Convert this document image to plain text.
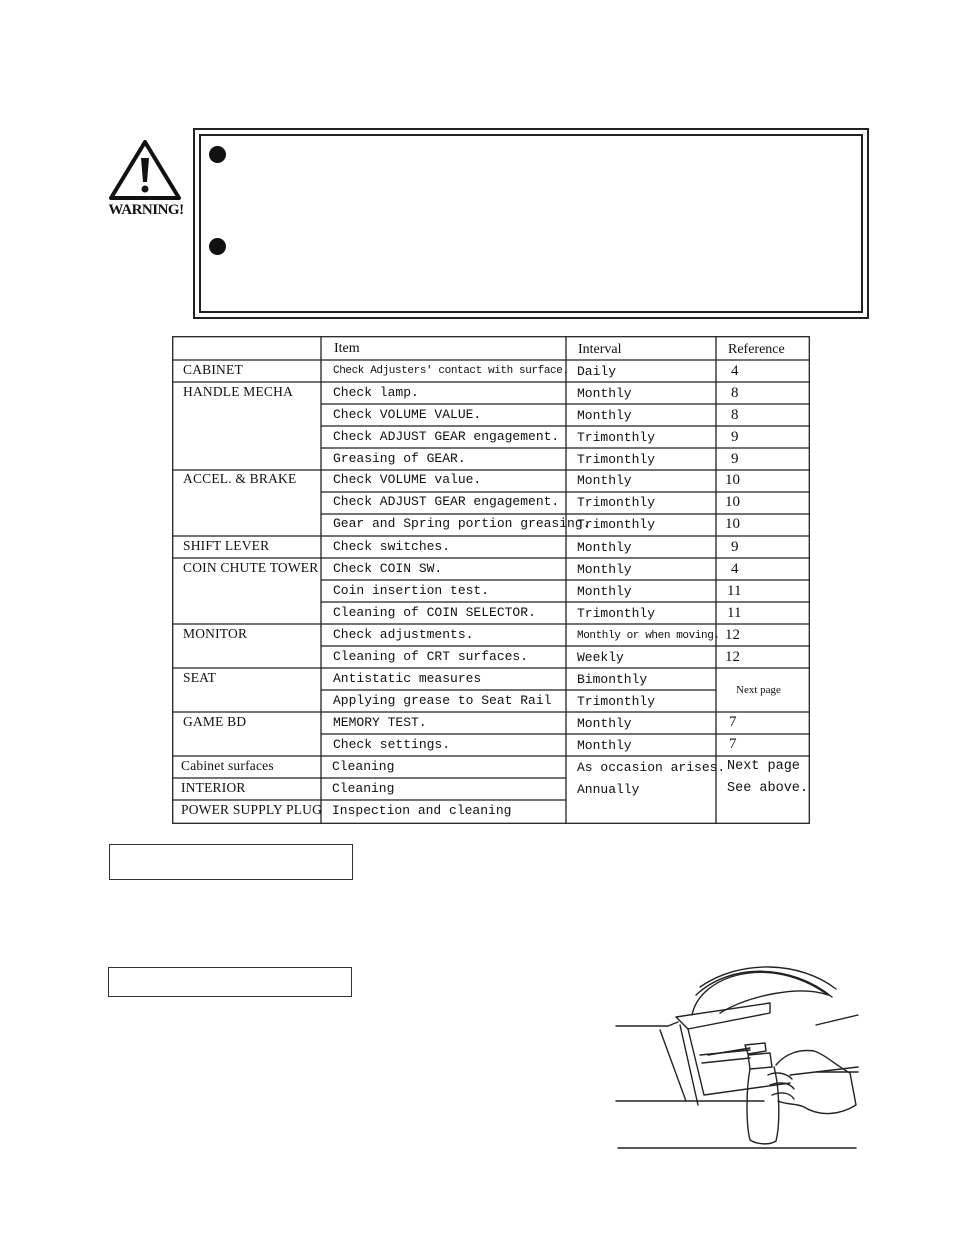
WARNING!
Item	Interval	Reference
CABINET
HANDLE MECHA
ACCEL. & BRAKE
SHIFT LEVER
COIN CHUTE TOWER
MONITOR
SEAT
GAME BD
Cabinet surfaces
INTERIOR
POWER SUPPLY PLUG
Check Adjusters' contact with surface.
Check lamp.
Check VOLUME VALUE.
Check ADJUST GEAR engagement.
Greasing of GEAR.
Check VOLUME value.
Check ADJUST GEAR engagement.
Gear and Spring portion greasing.
Check switches.
Check COIN SW.
Coin insertion test.
Cleaning of COIN SELECTOR.
Check adjustments.
Cleaning of CRT surfaces.
Antistatic measures
Applying grease to Seat Rail
MEMORY TEST.
Check settings.
Cleaning
Cleaning
Inspection and cleaning
Daily
Monthly
Monthly
Trimonthly
Trimonthly
Monthly
Trimonthly
Trimonthly
Monthly
Monthly
Monthly
Trimonthly
Monthly or when moving.
Weekly
Bimonthly
Trimonthly
Monthly
Monthly
As occasion arises.
Annually
4
8
8
9
9
10
10
10
9
4
11
11
12
12
Next page
7
7
Next page
See above.
